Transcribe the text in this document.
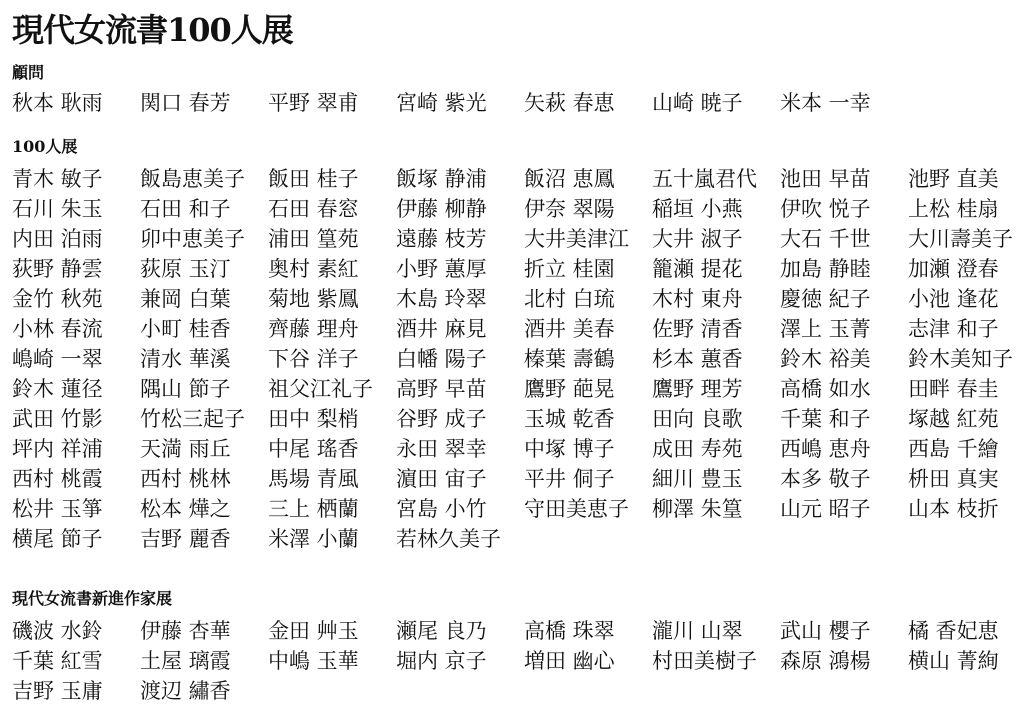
現代女流書100人展
顧問
秋本 耿雨	関口 春芳	平野 翠甫	宮崎 紫光	矢萩 春恵	山崎 暁子	米本 一幸
100人展
青木 敏子	飯島恵美子	飯田 桂子	飯塚 静浦	飯沼 恵鳳	五十嵐君代	池田 早苗	池野 直美
石川 朱玉	石田 和子	石田 春窓	伊藤 柳静	伊奈 翠陽	稲垣 小燕	伊吹 悦子	上松 桂扇
内田 泊雨	卯中恵美子	浦田 篁苑	遠藤 枝芳	大井美津江	大井 淑子	大石 千世	大川壽美子
荻野 静雲	荻原 玉汀	奥村 素紅	小野 蕙厚	折立 桂園	籠瀬 提花	加島 静睦	加瀬 澄春
金竹 秋苑	兼岡 白葉	菊地 紫鳳	木島 玲翠	北村 白琉	木村 東舟	慶徳 紀子	小池 逢花
小林 春流	小町 桂香	齊藤 理舟	酒井 麻見	酒井 美春	佐野 清香	澤上 玉菁	志津 和子
嶋崎 一翠	清水 華溪	下谷 洋子	白幡 陽子	榛葉 壽鶴	杉本 蕙香	鈴木 裕美	鈴木美知子
鈴木 蓮径	隅山 節子	祖父江礼子	高野 早苗	鷹野 葩晃	鷹野 理芳	高橋 如水	田畔 春圭
武田 竹影	竹松三起子	田中 梨梢	谷野 成子	玉城 乾香	田向 良歌	千葉 和子	塚越 紅苑
坪内 祥浦	天満 雨丘	中尾 瑤香	永田 翠幸	中塚 博子	成田 寿苑	西嶋 恵舟	西島 千繪
西村 桃霞	西村 桃林	馬場 青風	濵田 宙子	平井 侗子	細川 豊玉	本多 敬子	枡田 真実
松井 玉箏	松本 燁之	三上 栖蘭	宮島 小竹	守田美恵子	柳澤 朱篁	山元 昭子	山本 枝折
横尾 節子	吉野 麗香	米澤 小蘭	若林久美子
現代女流書新進作家展
磯波 水鈴	伊藤 杏華	金田 艸玉	瀬尾 良乃	高橋 珠翠	瀧川 山翠	武山 櫻子	橘 香妃恵
千葉 紅雪	土屋 璃霞	中嶋 玉華	堀内 京子	増田 幽心	村田美樹子	森原 鴻楊	横山 菁絢
吉野 玉庸	渡辺 繡香
